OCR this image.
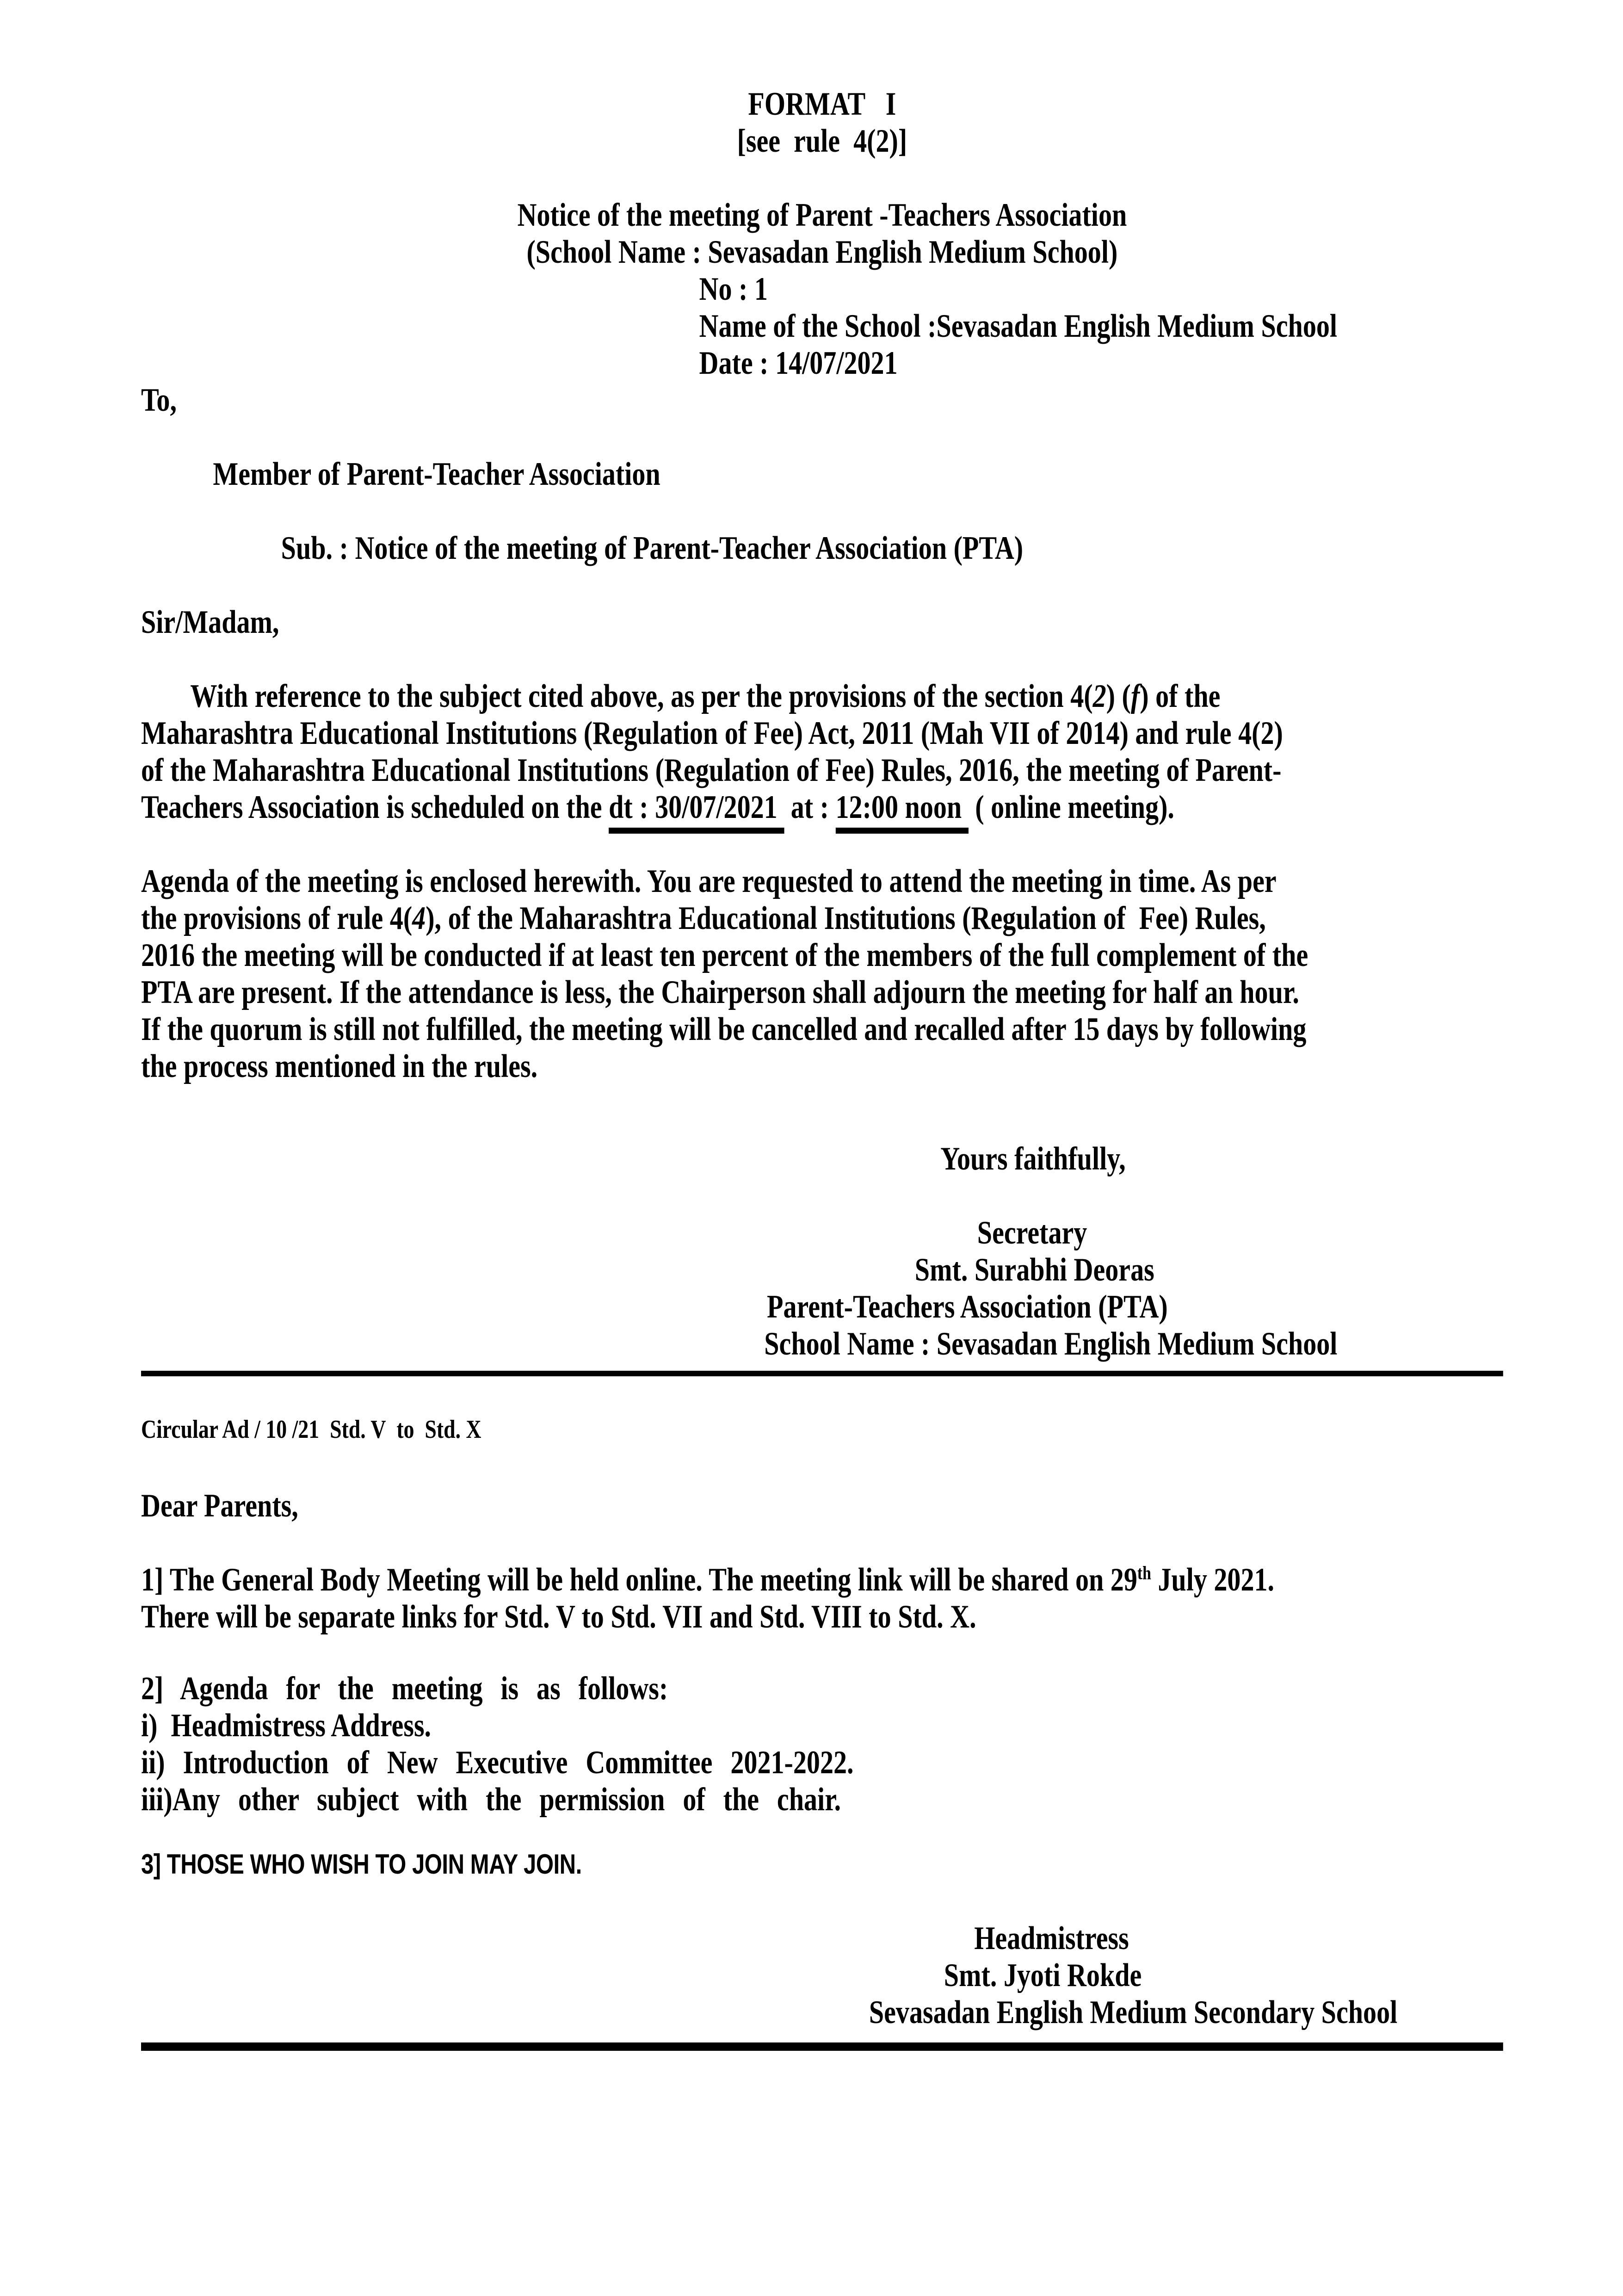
FORMAT   I
[see  rule  4(2)]
Notice of the meeting of Parent -Teachers Association
(School Name : Sevasadan English Medium School)
No : 1
Name of the School :Sevasadan English Medium School
Date : 14/07/2021
To,
Member of Parent-Teacher Association
Sub. : Notice of the meeting of Parent-Teacher Association (PTA)
Sir/Madam,
With reference to the subject cited above, as per the provisions of the section 4(2) (f) of the
Maharashtra Educational Institutions (Regulation of Fee) Act, 2011 (Mah VII of 2014) and rule 4(2)
of the Maharashtra Educational Institutions (Regulation of Fee) Rules, 2016, the meeting of Parent-
Teachers Association is scheduled on the dt : 30/07/2021  at : 12:00 noon  ( online meeting).
Agenda of the meeting is enclosed herewith. You are requested to attend the meeting in time. As per
the provisions of rule 4(4), of the Maharashtra Educational Institutions (Regulation of  Fee) Rules,
2016 the meeting will be conducted if at least ten percent of the members of the full complement of the
PTA are present. If the attendance is less, the Chairperson shall adjourn the meeting for half an hour.
If the quorum is still not fulfilled, the meeting will be cancelled and recalled after 15 days by following
the process mentioned in the rules.
Yours faithfully,
Secretary
Smt. Surabhi Deoras
Parent-Teachers Association (PTA)
School Name : Sevasadan English Medium School
Circular Ad / 10 /21  Std. V  to  Std. X
Dear Parents,
1] The General Body Meeting will be held online. The meeting link will be shared on 29th July 2021.
There will be separate links for Std. V to Std. VII and Std. VIII to Std. X.
2] Agenda for the meeting is as follows:
i)  Headmistress Address.
ii) Introduction of New Executive Committee 2021-2022.
iii)Any other subject with the permission of the chair.
3] THOSE WHO WISH TO JOIN MAY JOIN.
Headmistress
Smt. Jyoti Rokde
Sevasadan English Medium Secondary School
